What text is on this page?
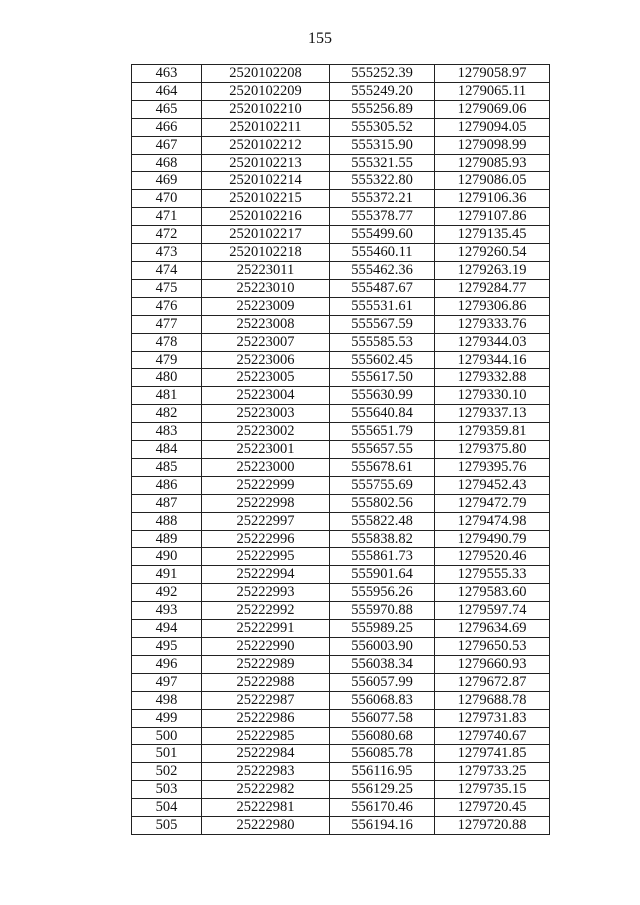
155
463	2520102208	555252.39	1279058.97
464	2520102209	555249.20	1279065.11
465	2520102210	555256.89	1279069.06
466	2520102211	555305.52	1279094.05
467	2520102212	555315.90	1279098.99
468	2520102213	555321.55	1279085.93
469	2520102214	555322.80	1279086.05
470	2520102215	555372.21	1279106.36
471	2520102216	555378.77	1279107.86
472	2520102217	555499.60	1279135.45
473	2520102218	555460.11	1279260.54
474	25223011	555462.36	1279263.19
475	25223010	555487.67	1279284.77
476	25223009	555531.61	1279306.86
477	25223008	555567.59	1279333.76
478	25223007	555585.53	1279344.03
479	25223006	555602.45	1279344.16
480	25223005	555617.50	1279332.88
481	25223004	555630.99	1279330.10
482	25223003	555640.84	1279337.13
483	25223002	555651.79	1279359.81
484	25223001	555657.55	1279375.80
485	25223000	555678.61	1279395.76
486	25222999	555755.69	1279452.43
487	25222998	555802.56	1279472.79
488	25222997	555822.48	1279474.98
489	25222996	555838.82	1279490.79
490	25222995	555861.73	1279520.46
491	25222994	555901.64	1279555.33
492	25222993	555956.26	1279583.60
493	25222992	555970.88	1279597.74
494	25222991	555989.25	1279634.69
495	25222990	556003.90	1279650.53
496	25222989	556038.34	1279660.93
497	25222988	556057.99	1279672.87
498	25222987	556068.83	1279688.78
499	25222986	556077.58	1279731.83
500	25222985	556080.68	1279740.67
501	25222984	556085.78	1279741.85
502	25222983	556116.95	1279733.25
503	25222982	556129.25	1279735.15
504	25222981	556170.46	1279720.45
505	25222980	556194.16	1279720.88
